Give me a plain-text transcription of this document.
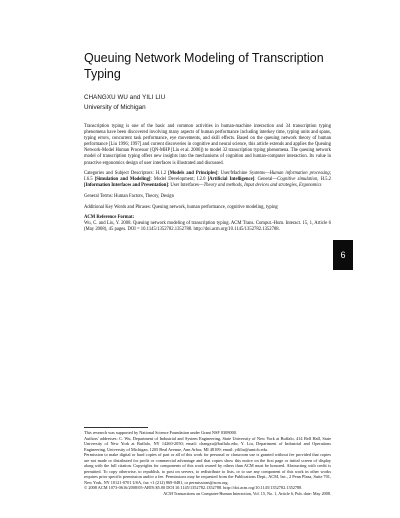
Queuing Network Modeling of Transcription Typing
CHANGXU WU and YILI LIU
University of Michigan

Transcription typing is one of the basic and common activities in human-machine interaction and 34 transcription typing phenomena have been discovered involving many aspects of human performance including interkey time, typing units and spans, typing errors, concurrent task performance, eye movements, and skill effects. Based on the queuing network theory of human performance [Liu 1996; 1997] and current discoveries in cognitive and neural science, this article extends and applies the Queuing Network-Model Human Processor (QN-MHP [Liu et al. 2006]) to model 32 transcription typing phenomena. The queuing network model of transcription typing offers new insights into the mechanisms of cognition and human-computer interaction. Its value in proactive ergonomics design of user interfaces is illustrated and discussed.

Categories and Subject Descriptors: H.1.2 [Models and Principles]: User/Machine Systems—Human information processing; I.6.5 [Simulation and Modeling]: Model Development; I.2.0 [Artificial Intelligence]: General—Cognitive simulation, H.5.2 [Information Interfaces and Presentation]: User Interfaces—Theory and methods, Input devices and strategies, Ergonomics

General Terms: Human Factors, Theory, Design

Additional Key Words and Phrases: Queuing network, human performance, cognitive modeling, typing

ACM Reference Format:

Wu, C. and Liu, Y. 2008. Queuing network modeling of transcription typing. ACM Trans. Comput.-Hum. Interact. 15, 1, Article 6 (May 2008), 45 pages. DOI = 10.1145/1352782.1352788. http://doi.acm.org/10.1145/1352782.1352788.

6

This research was supported by National Science Foundation under Grant NSF 0308000.

Authors' addresses: C. Wu, Department of Industrial and System Engineering, State University of New York at Buffalo, 414 Bell Hall, State University of New York at Buffalo, NY 14260-2050; email: changxu@buffalo.edu; Y. Liu, Department of Industrial and Operations Engineering, University of Michigan, 1205 Beal Avenue, Ann Arbor, MI 48109; email: yililiu@umich.edu.

Permission to make digital or hard copies of part or all of this work for personal or classroom use is granted without fee provided that copies are not made or distributed for profit or commercial advantage and that copies show this notice on the first page or initial screen of display along with the full citation. Copyrights for components of this work owned by others than ACM must be honored. Abstracting with credit is permitted. To copy otherwise, to republish, to post on servers, to redistribute to lists, or to use any component of this work in other works requires prior specific permission and/or a fee. Permissions may be requested from the Publications Dept., ACM, Inc., 2 Penn Plaza, Suite 701, New York, NY 10121-0701 USA, fax +1 (212) 869-0481, or permissions@acm.org.

© 2008 ACM 1073-0616/2008/05-ART6 $5.00 DOI 10.1145/1352782.1352788. http://doi.acm.org/10.1145/1352782.1352788.

ACM Transactions on Computer-Human Interaction, Vol. 15, No. 1, Article 6, Pub. date: May 2008.
